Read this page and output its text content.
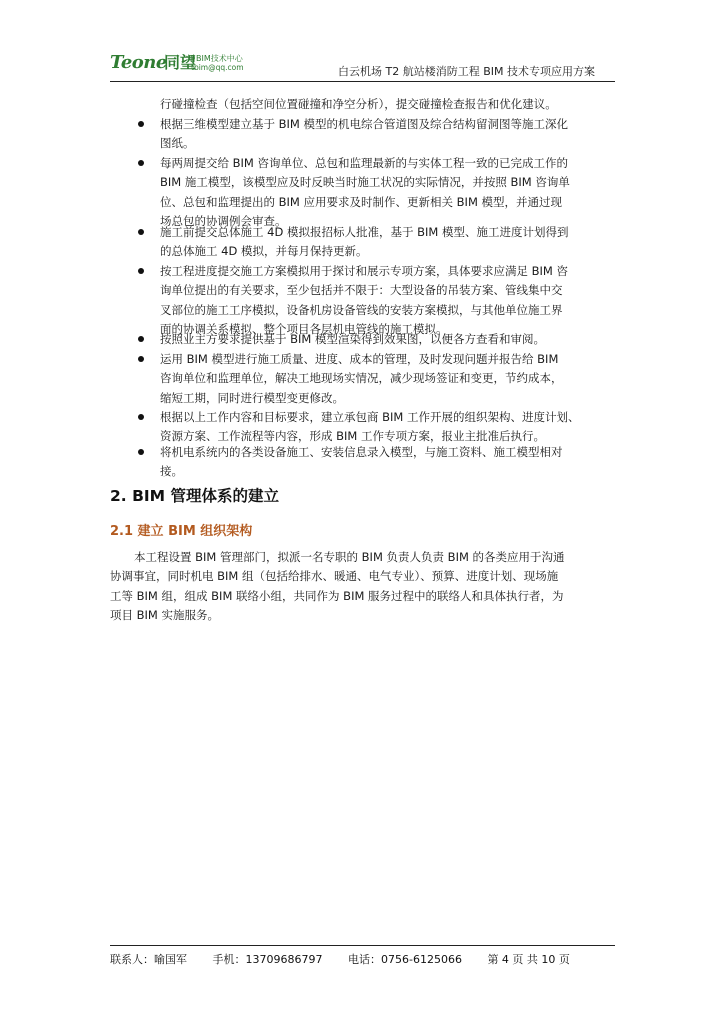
Teone
同望
®BIM技术中心
tbim@qq.com	白云机场 T2 航站楼消防工程 BIM 技术专项应用方案
行碰撞检查（包括空间位置碰撞和净空分析），提交碰撞检查报告和优化建议。
根据三维模型建立基于 BIM 模型的机电综合管道图及综合结构留洞图等施工深化
图纸。
每两周提交给 BIM 咨询单位、总包和监理最新的与实体工程一致的已完成工作的
BIM 施工模型，该模型应及时反映当时施工状况的实际情况，并按照 BIM 咨询单
位、总包和监理提出的 BIM 应用要求及时制作、更新相关 BIM 模型，并通过现
场总包的协调例会审查。
施工前提交总体施工 4D 模拟报招标人批准，基于 BIM 模型、施工进度计划得到
的总体施工 4D 模拟，并每月保持更新。
按工程进度提交施工方案模拟用于探讨和展示专项方案，具体要求应满足 BIM 咨
询单位提出的有关要求，至少包括并不限于：大型设备的吊装方案、管线集中交
叉部位的施工工序模拟，设备机房设备管线的安装方案模拟，与其他单位施工界
面的协调关系模拟、整个项目各层机电管线的施工模拟。
按照业主方要求提供基于 BIM 模型渲染得到效果图，以便各方查看和审阅。
运用 BIM 模型进行施工质量、进度、成本的管理，及时发现问题并报告给 BIM
咨询单位和监理单位，解决工地现场实情况，减少现场签证和变更，节约成本，
缩短工期，同时进行模型变更修改。
根据以上工作内容和目标要求，建立承包商 BIM 工作开展的组织架构、进度计划、
资源方案、工作流程等内容，形成 BIM 工作专项方案，报业主批准后执行。
将机电系统内的各类设备施工、安装信息录入模型，与施工资料、施工模型相对
接。
2. BIM 管理体系的建立
2.1 建立 BIM 组织架构
本工程设置 BIM 管理部门，拟派一名专职的 BIM 负责人负责 BIM 的各类应用于沟通
协调事宜，同时机电 BIM 组（包括给排水、暖通、电气专业）、预算、进度计划、现场施
工等 BIM 组，组成 BIM 联络小组，共同作为 BIM 服务过程中的联络人和具体执行者，为
项目 BIM 实施服务。
联系人：喻国军 手机：13709686797 电话：0756-6125066 第 4 页 共 10 页
